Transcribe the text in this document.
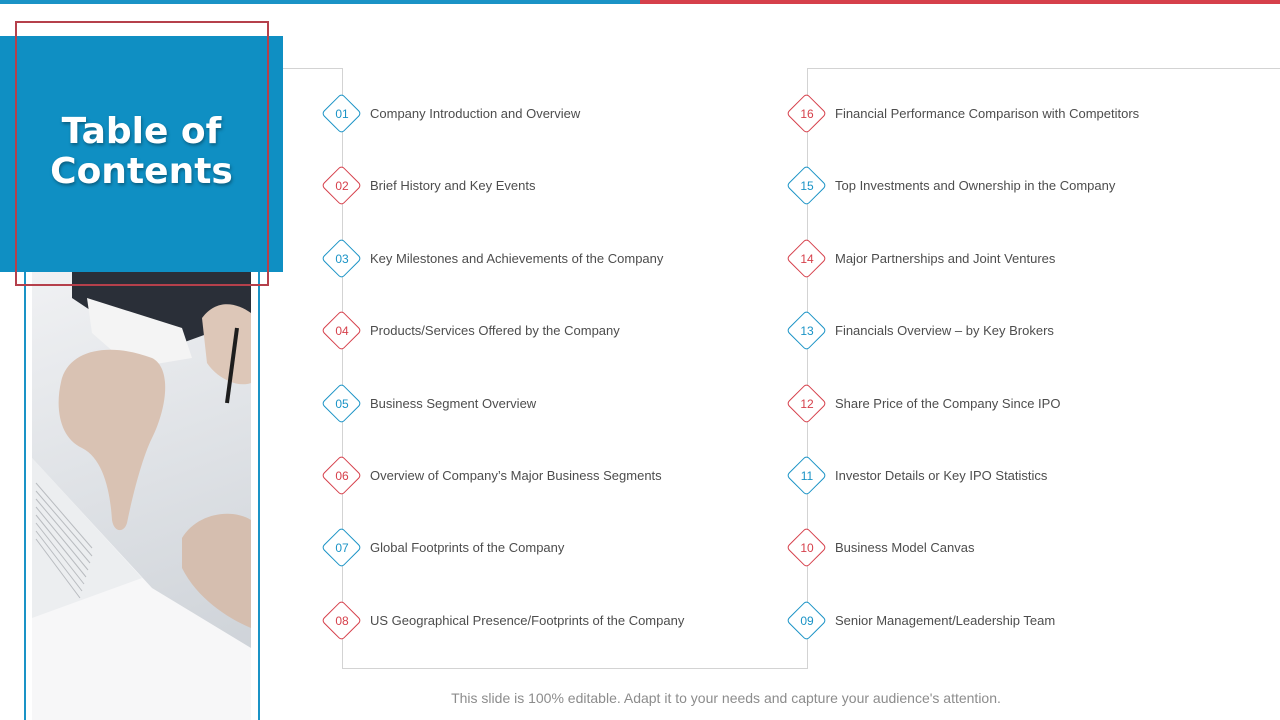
Table of Contents
01	Company Introduction and Overview
02	Brief History and Key Events
03	Key Milestones and Achievements of the Company
04	Products/Services Offered by the Company
05	Business Segment Overview
06	Overview of Company’s Major Business Segments
07	Global Footprints of the Company
08	US Geographical Presence/Footprints of the Company
16	Financial Performance Comparison with Competitors
15	Top Investments and Ownership in the Company
14	Major Partnerships and Joint Ventures
13	Financials Overview – by Key Brokers
12	Share Price of the Company Since IPO
11	Investor Details or Key IPO Statistics
10	Business Model Canvas
09	Senior Management/Leadership Team
This slide is 100% editable. Adapt it to your needs and capture your audience's attention.
